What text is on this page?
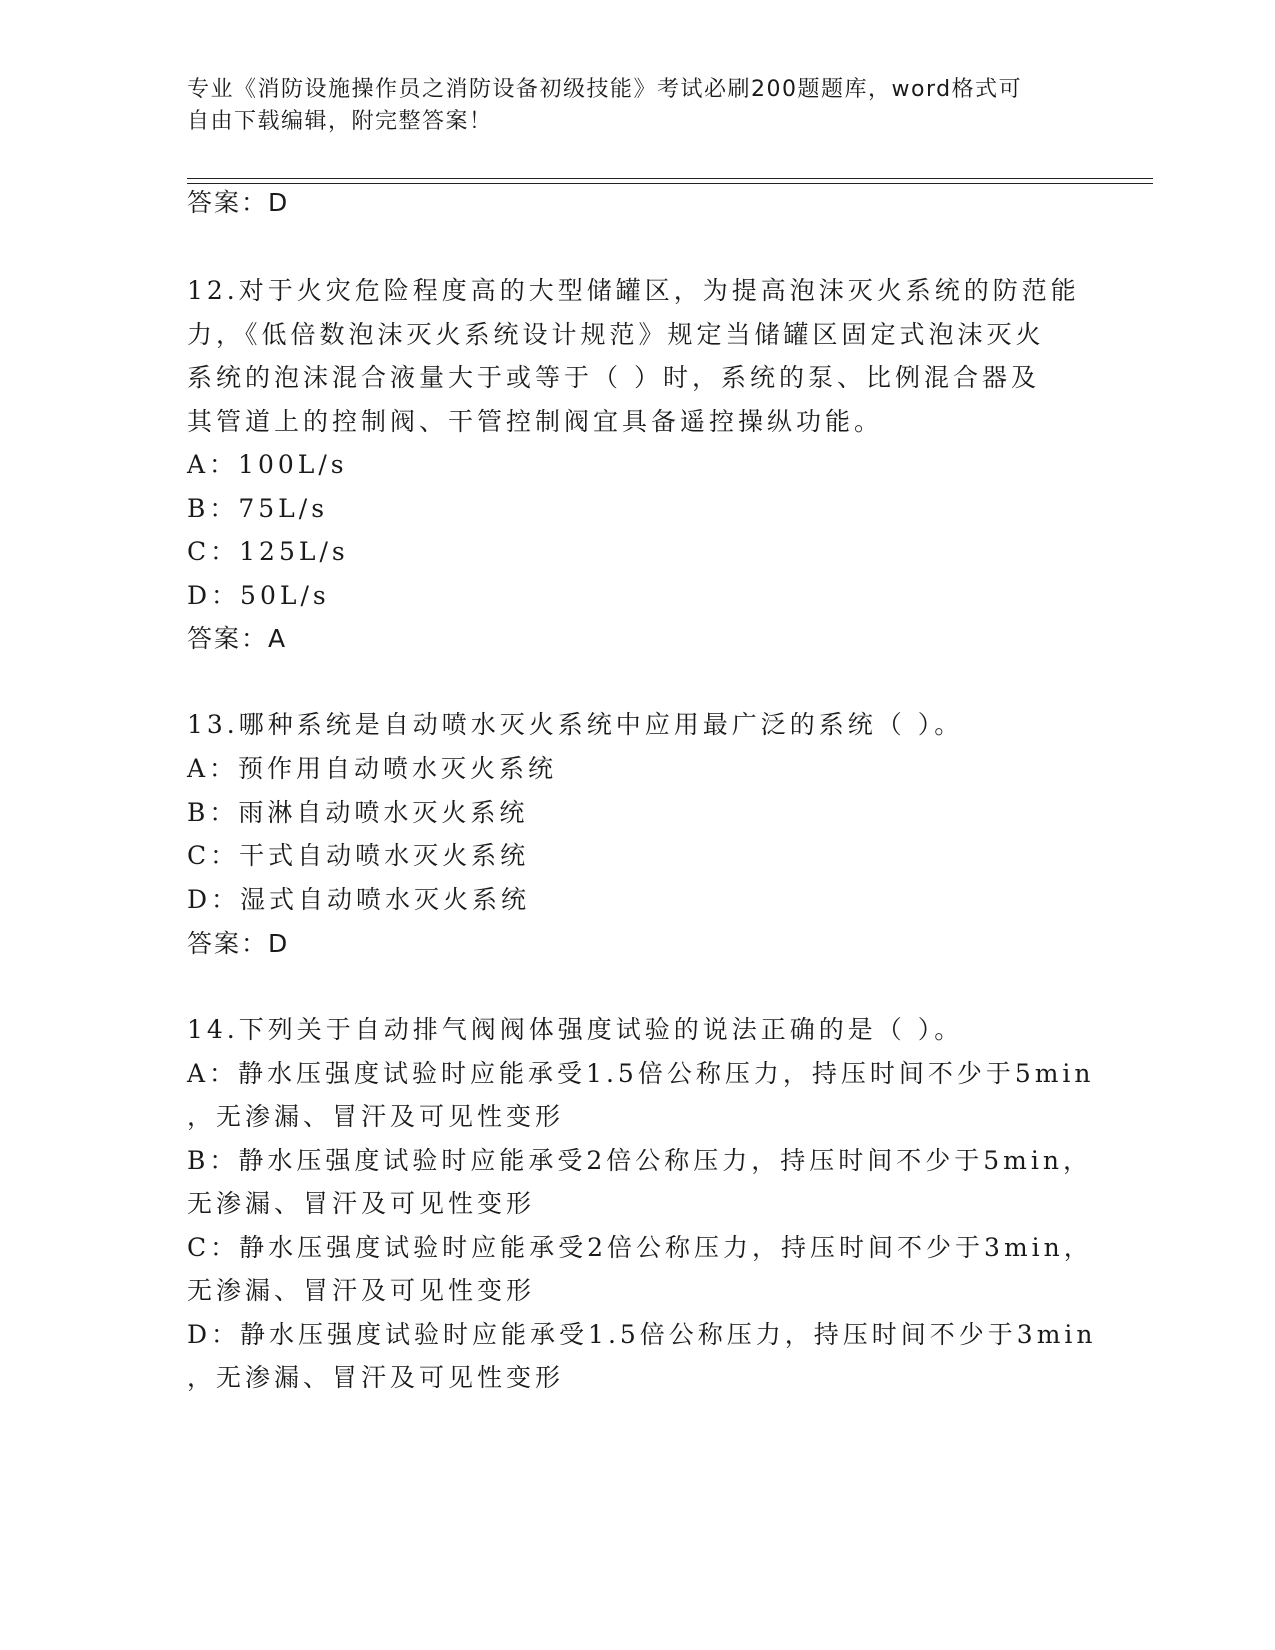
专业《消防设施操作员之消防设备初级技能》考试必刷200题题库，word格式可
自由下载编辑，附完整答案！
答案：D
12.对于火灾危险程度高的大型储罐区，为提高泡沫灭火系统的防范能
力，《低倍数泡沫灭火系统设计规范》规定当储罐区固定式泡沫灭火
系统的泡沫混合液量大于或等于（ ）时，系统的泵、比例混合器及
其管道上的控制阀、干管控制阀宜具备遥控操纵功能。
A：100L/s
B：75L/s
C：125L/s
D：50L/s
答案：A
13.哪种系统是自动喷水灭火系统中应用最广泛的系统（ ）。
A：预作用自动喷水灭火系统
B：雨淋自动喷水灭火系统
C：干式自动喷水灭火系统
D：湿式自动喷水灭火系统
答案：D
14.下列关于自动排气阀阀体强度试验的说法正确的是（ ）。
A：静水压强度试验时应能承受1.5倍公称压力，持压时间不少于5min
，无渗漏、冒汗及可见性变形
B：静水压强度试验时应能承受2倍公称压力，持压时间不少于5min，
无渗漏、冒汗及可见性变形
C：静水压强度试验时应能承受2倍公称压力，持压时间不少于3min，
无渗漏、冒汗及可见性变形
D：静水压强度试验时应能承受1.5倍公称压力，持压时间不少于3min
，无渗漏、冒汗及可见性变形
